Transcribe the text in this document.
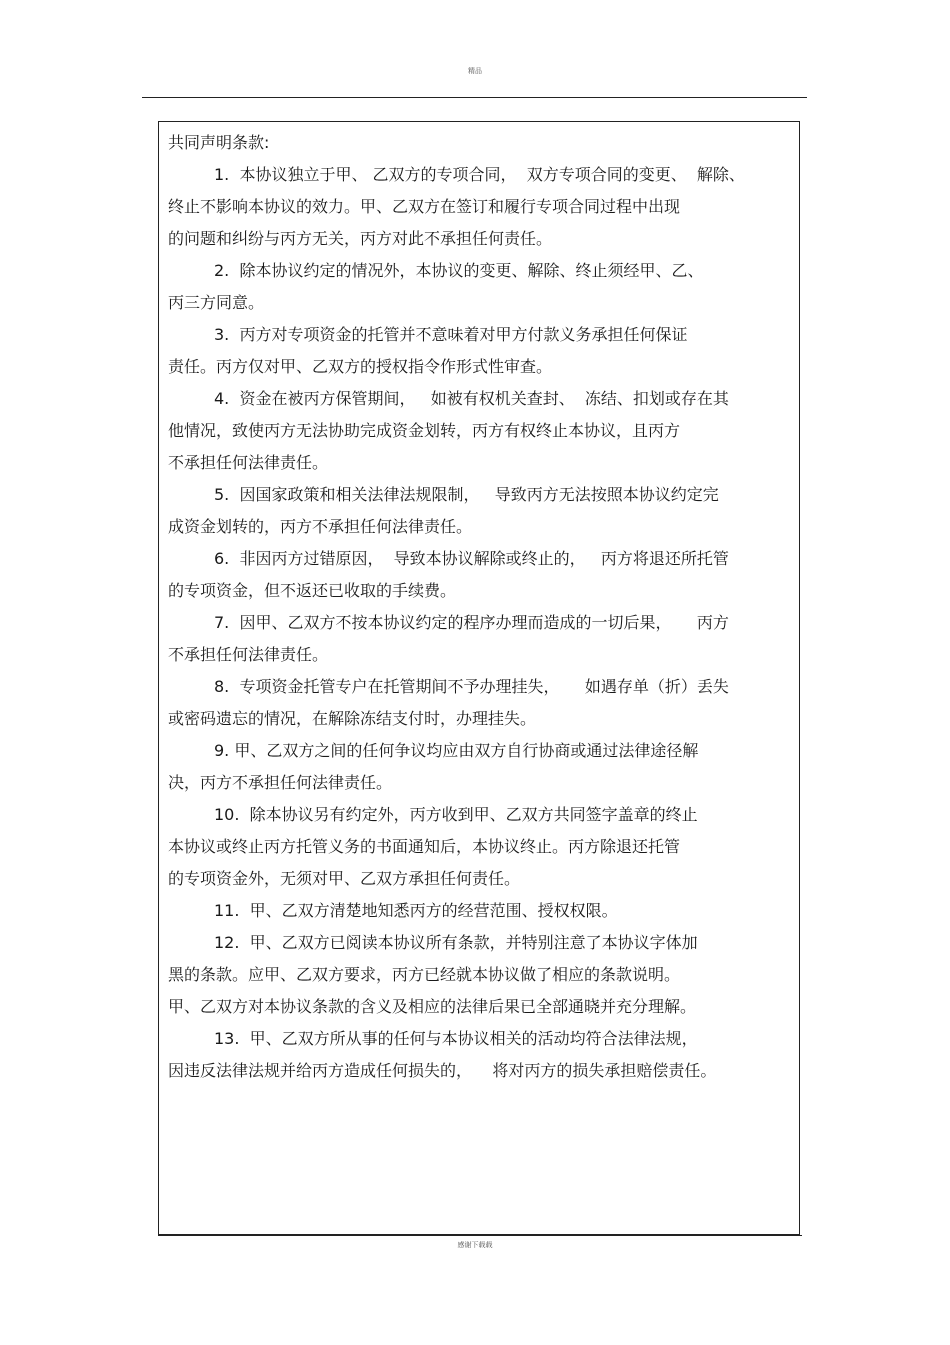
精品
共同声明条款:
1.  本协议独立于甲、 乙双方的专项合同，  双方专项合同的变更、  解除、
终止不影响本协议的效力。甲、乙双方在签订和履行专项合同过程中出现
的问题和纠纷与丙方无关，丙方对此不承担任何责任。
2.  除本协议约定的情况外，本协议的变更、解除、终止须经甲、乙、
丙三方同意。
3.  丙方对专项资金的托管并不意味着对甲方付款义务承担任何保证
责任。丙方仅对甲、乙双方的授权指令作形式性审查。
4.  资金在被丙方保管期间，   如被有权机关查封、  冻结、扣划或存在其
他情况，致使丙方无法协助完成资金划转，丙方有权终止本协议，且丙方
不承担任何法律责任。
5.  因国家政策和相关法律法规限制，   导致丙方无法按照本协议约定完
成资金划转的，丙方不承担任何法律责任。
6.  非因丙方过错原因，  导致本协议解除或终止的，   丙方将退还所托管
的专项资金，但不返还已收取的手续费。
7.  因甲、乙双方不按本协议约定的程序办理而造成的一切后果，     丙方
不承担任何法律责任。
8.  专项资金托管专户在托管期间不予办理挂失，     如遇存单（折）丢失
或密码遗忘的情况，在解除冻结支付时，办理挂失。
9. 甲、乙双方之间的任何争议均应由双方自行协商或通过法律途径解
决，丙方不承担任何法律责任。
10.  除本协议另有约定外，丙方收到甲、乙双方共同签字盖章的终止
本协议或终止丙方托管义务的书面通知后，本协议终止。丙方除退还托管
的专项资金外，无须对甲、乙双方承担任何责任。
11.  甲、乙双方清楚地知悉丙方的经营范围、授权权限。
12.  甲、乙双方已阅读本协议所有条款，并特别注意了本协议字体加
黑的条款。应甲、乙双方要求，丙方已经就本协议做了相应的条款说明。
甲、乙双方对本协议条款的含义及相应的法律后果已全部通晓并充分理解。
13.  甲、乙双方所从事的任何与本协议相关的活动均符合法律法规，
因违反法律法规并给丙方造成任何损失的，    将对丙方的损失承担赔偿责任。
感谢下载载
